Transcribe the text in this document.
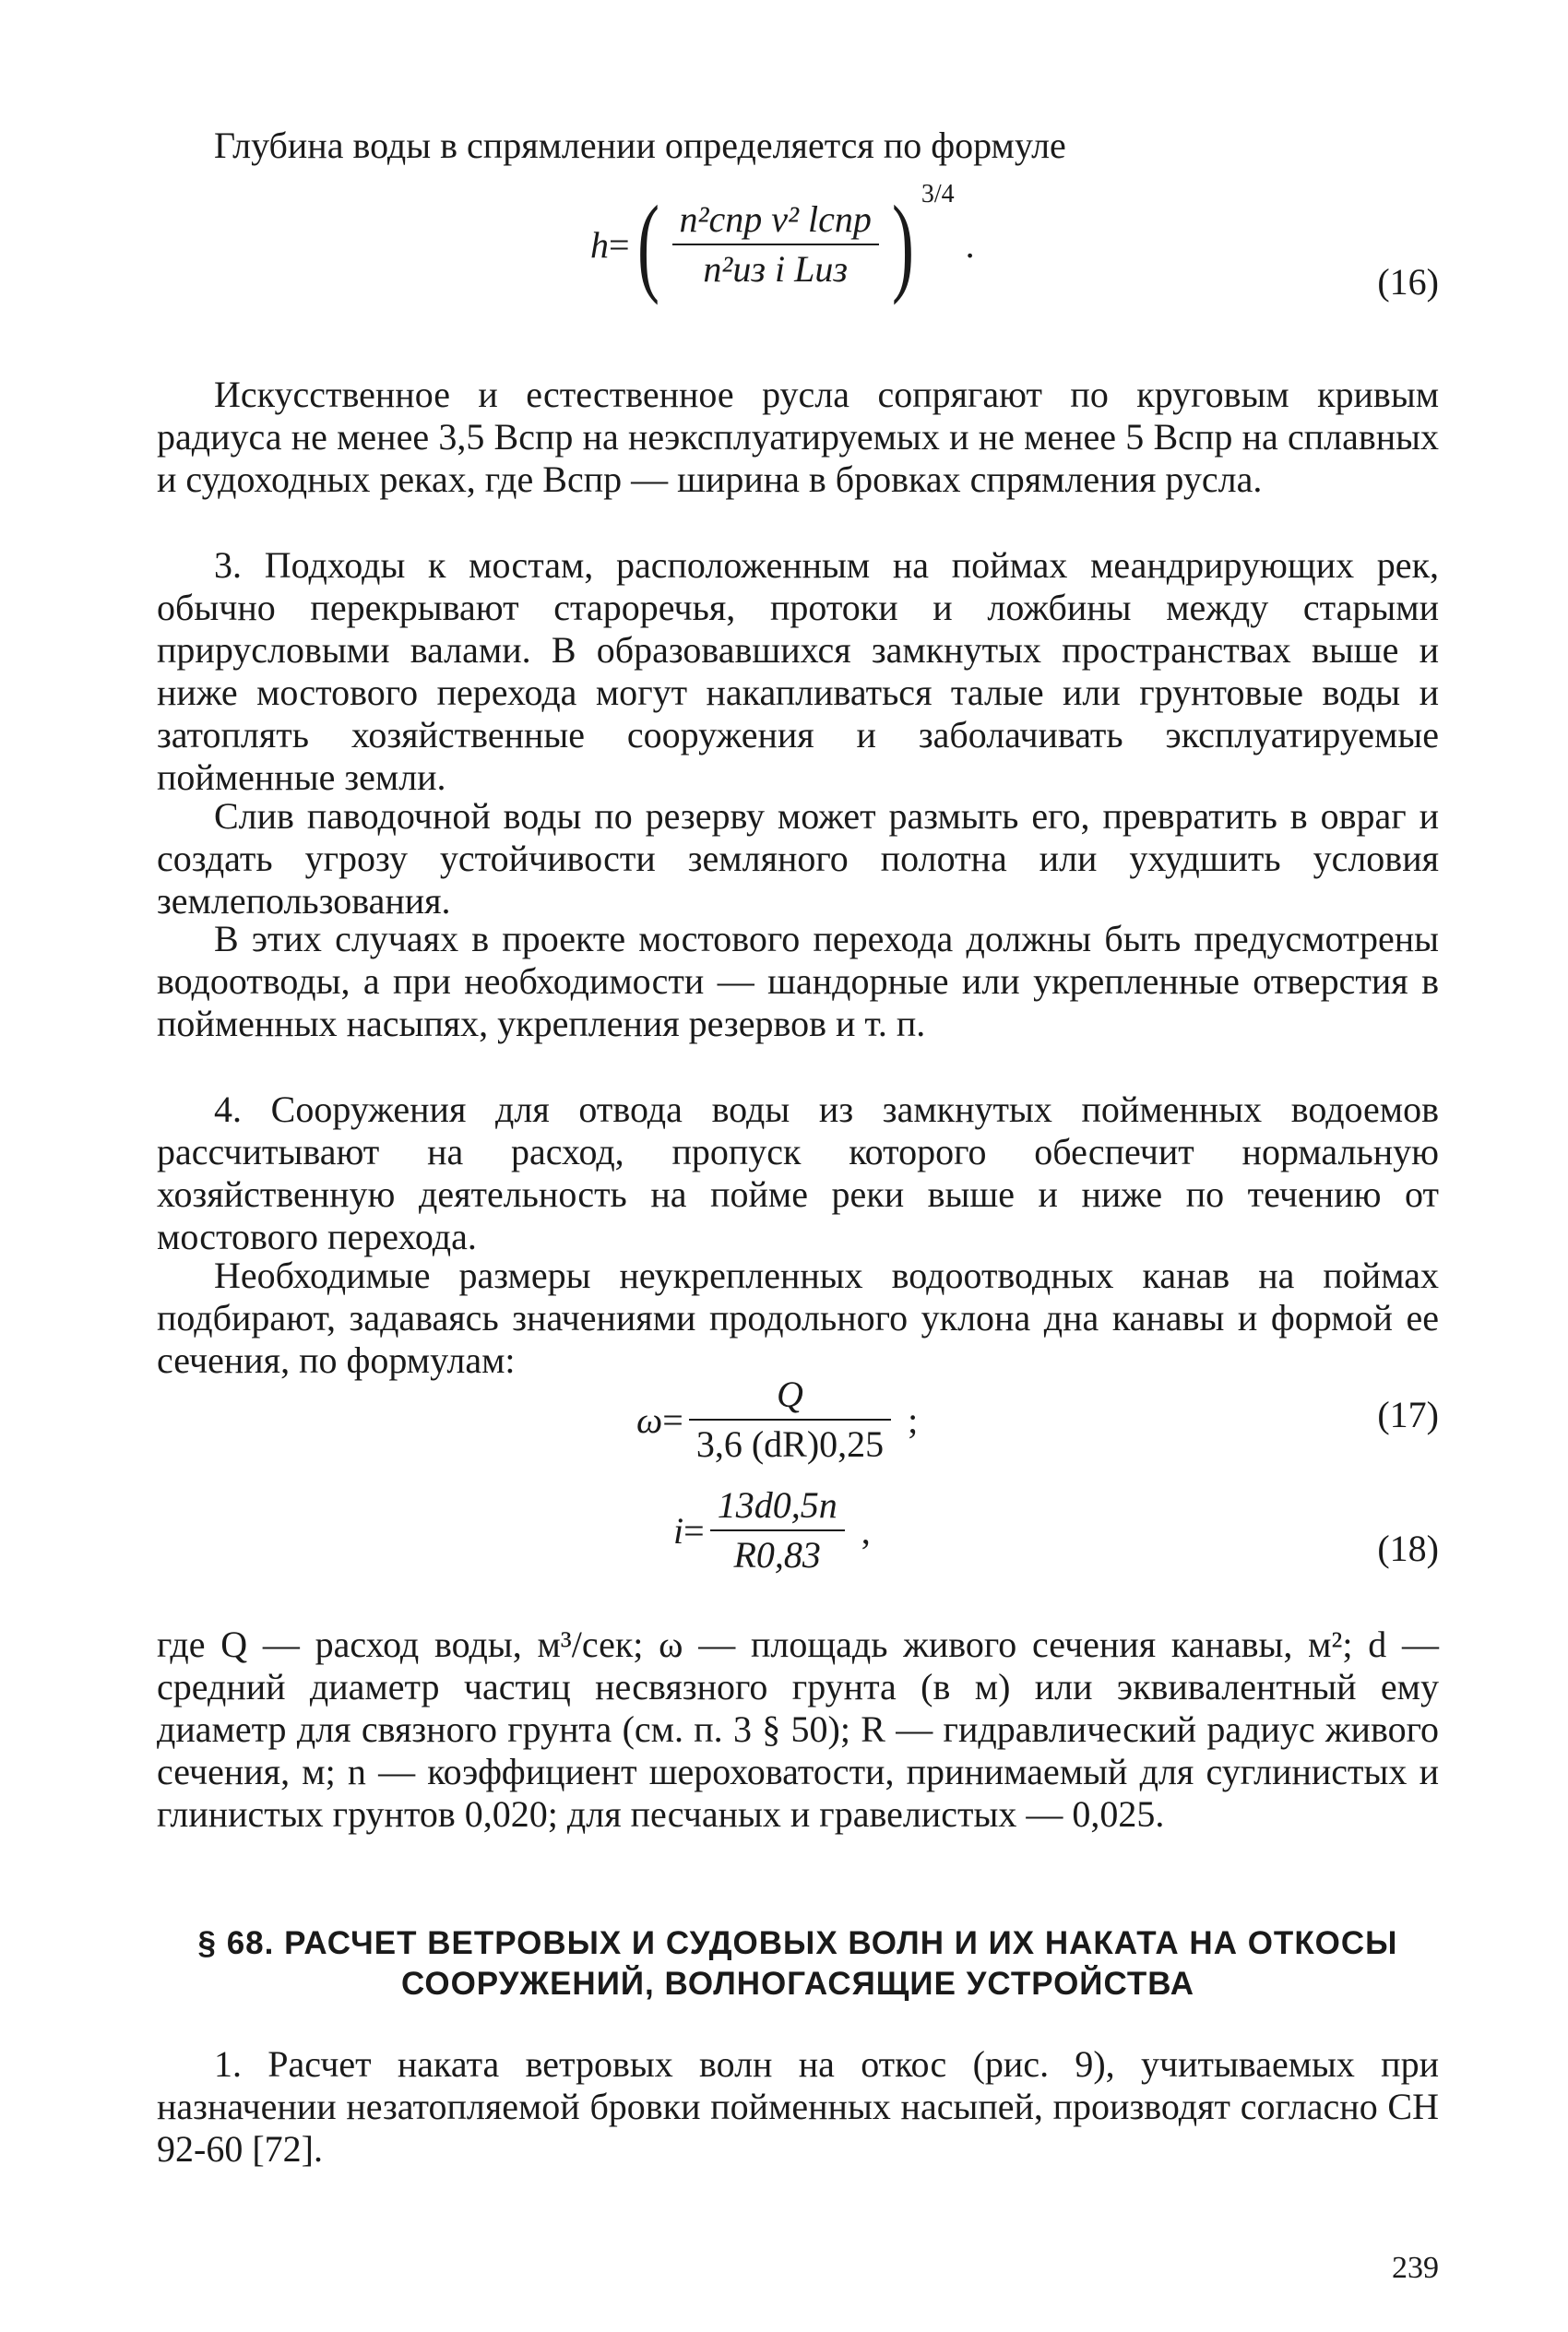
Глубина воды в спрямлении определяется по формуле

h = ( $\frac{\text{n²спр v² lспр}}{\text{n²из i Lиз}}$ ) 3/4
.
(16)

Искусственное и естественное русла сопрягают по круговым кривым радиуса не менее 3,5 Bспр на неэксплуатируемых и не менее 5 Bспр на сплавных и судоходных реках, где Bспр — ширина в бровках спрямления русла.

3. Подходы к мостам, расположенным на поймах меандрирующих рек, обычно перекрывают староречья, протоки и ложбины между старыми прирусловыми валами. В образовавшихся замкнутых пространствах выше и ниже мостового перехода могут накапливаться талые или грунтовые воды и затоплять хозяйственные сооружения и заболачивать эксплуатируемые пойменные земли.

Слив паводочной воды по резерву может размыть его, превратить в овраг и создать угрозу устойчивости земляного полотна или ухудшить условия землепользования.

В этих случаях в проекте мостового перехода должны быть предусмотрены водоотводы, а при необходимости — шандорные или укрепленные отверстия в пойменных насыпях, укрепления резервов и т. п.

4. Сооружения для отвода воды из замкнутых пойменных водоемов рассчитывают на расход, пропуск которого обеспечит нормальную хозяйственную деятельность на пойме реки выше и ниже по течению от мостового перехода.

Необходимые размеры неукрепленных водоотводных канав на поймах подбирают, задаваясь значениями продольного уклона дна канавы и формой ее сечения, по формулам:

$\omega = \frac{Q}{3,6 (dR)0,25}$ ;	(17)
$i = \frac{13d0,5n}{R0,83}$ ,	(18)

где Q — расход воды, м³/сек; ω — площадь живого сечения канавы, м²; d — средний диаметр частиц несвязного грунта (в м) или эквивалентный ему диаметр для связного грунта (см. п. 3 § 50); R — гидравлический радиус живого сечения, м; n — коэффициент шероховатости, принимаемый для суглинистых и глинистых грунтов 0,020; для песчаных и гравелистых — 0,025.

§ 68. РАСЧЕТ ВЕТРОВЫХ И СУДОВЫХ ВОЛН И ИХ НАКАТА НА ОТКОСЫ СООРУЖЕНИЙ, ВОЛНОГАСЯЩИЕ УСТРОЙСТВА

1. Расчет наката ветровых волн на откос (рис. 9), учитываемых при назначении незатопляемой бровки пойменных насыпей, производят согласно СН 92-60 [72].

239
